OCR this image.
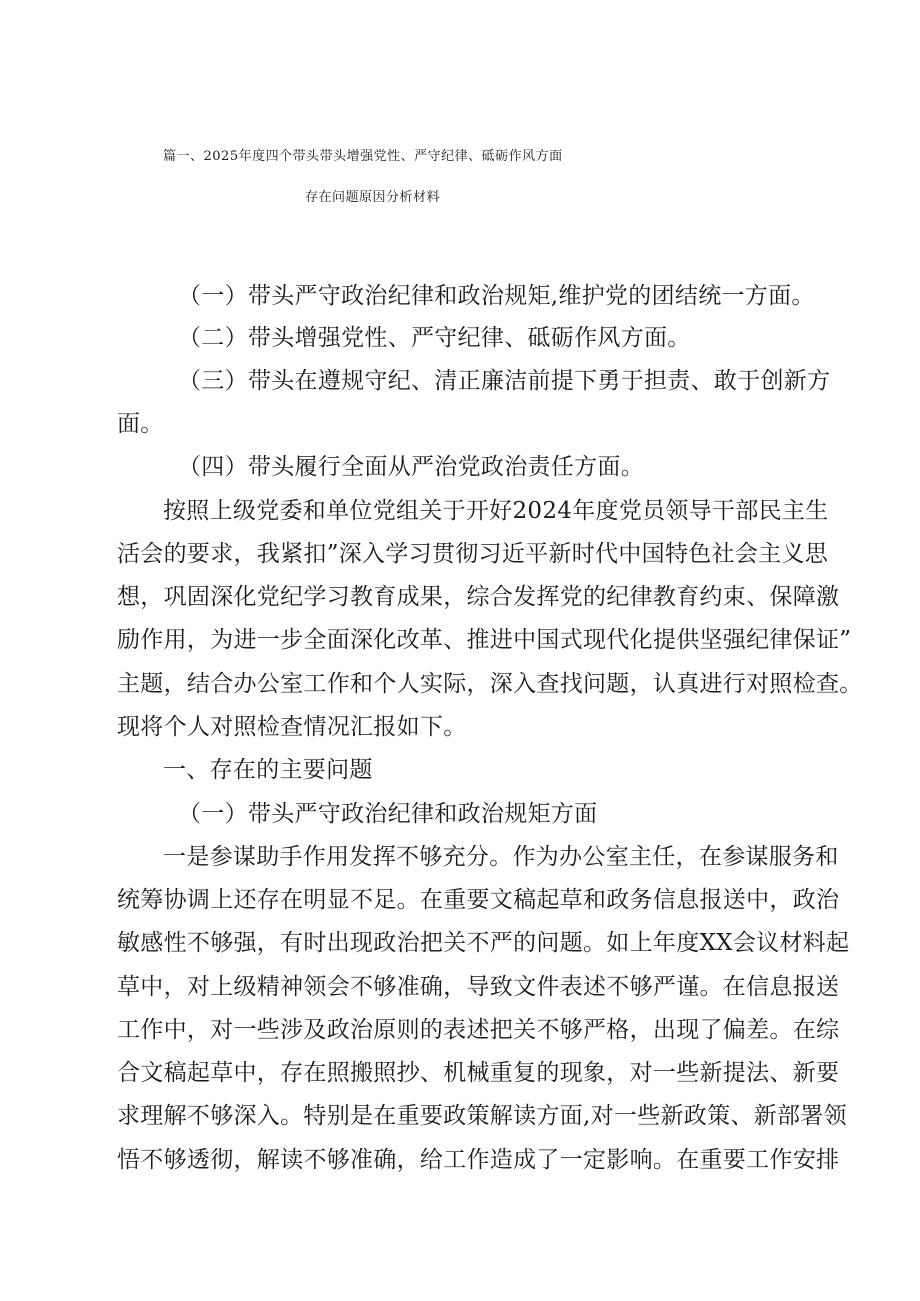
篇一、2025年度四个带头带头增强党性、严守纪律、砥砺作风方面
存在问题原因分析材料
（一）带头严守政治纪律和政治规矩,维护党的团结统一方面。
（二）带头增强党性、严守纪律、砥砺作风方面。
（三）带头在遵规守纪、清正廉洁前提下勇于担责、敢于创新方
面。
（四）带头履行全面从严治党政治责任方面。
按照上级党委和单位党组关于开好2024年度党员领导干部民主生
活会的要求，我紧扣”深入学习贯彻习近平新时代中国特色社会主义思
想，巩固深化党纪学习教育成果，综合发挥党的纪律教育约束、保障激
励作用，为进一步全面深化改革、推进中国式现代化提供坚强纪律保证”
主题，结合办公室工作和个人实际，深入查找问题，认真进行对照检查。
现将个人对照检查情况汇报如下。
一、存在的主要问题
（一）带头严守政治纪律和政治规矩方面
一是参谋助手作用发挥不够充分。作为办公室主任，在参谋服务和
统筹协调上还存在明显不足。在重要文稿起草和政务信息报送中，政治
敏感性不够强，有时出现政治把关不严的问题。如上年度XX会议材料起
草中，对上级精神领会不够准确，导致文件表述不够严谨。在信息报送
工作中，对一些涉及政治原则的表述把关不够严格，出现了偏差。在综
合文稿起草中，存在照搬照抄、机械重复的现象，对一些新提法、新要
求理解不够深入。特别是在重要政策解读方面,对一些新政策、新部署领
悟不够透彻，解读不够准确，给工作造成了一定影响。在重要工作安排
